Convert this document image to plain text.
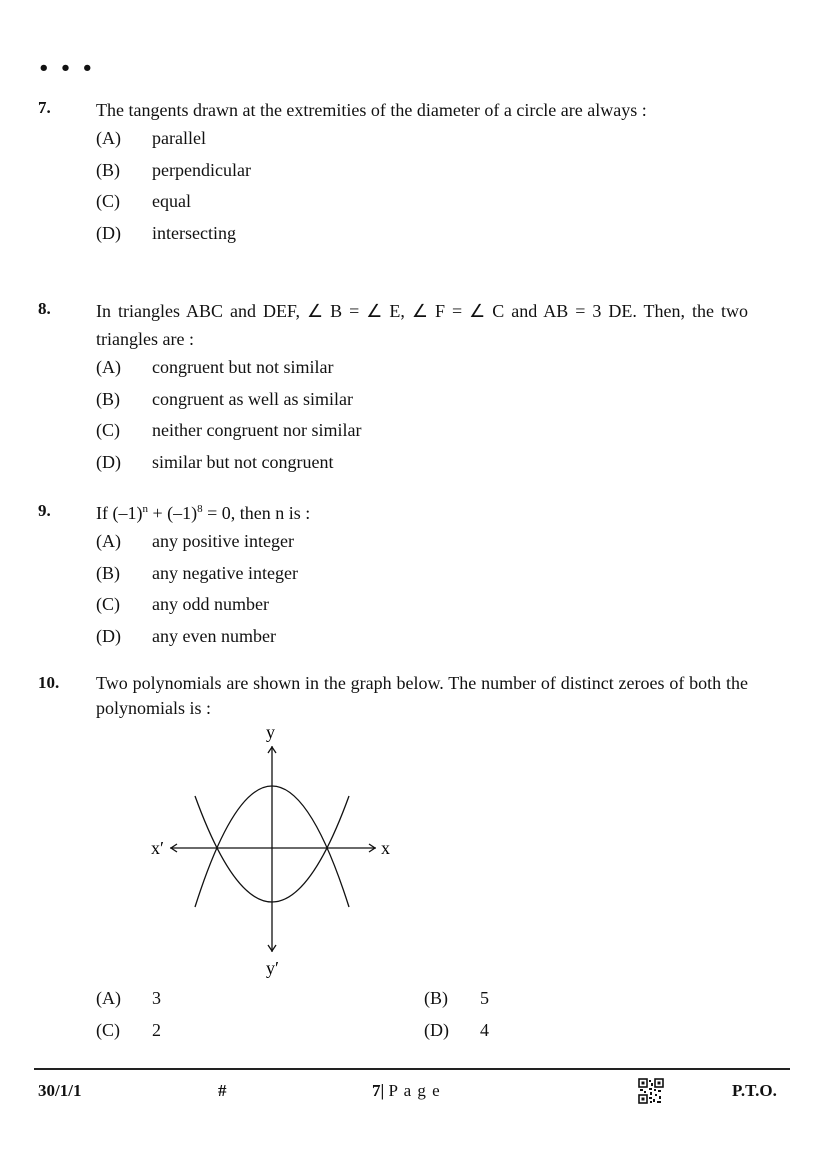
• • •
7.	The tangents drawn at the extremities of the diameter of a circle are always :
(A) parallel
(B) perpendicular
(C) equal
(D) intersecting
8.	In triangles ABC and DEF, ∠ B = ∠ E, ∠ F = ∠ C and AB = 3 DE. Then, the two triangles are :
(A) congruent but not similar
(B) congruent as well as similar
(C) neither congruent nor similar
(D) similar but not congruent
9.	If $(-1)^n + (-1)^8 = 0$, then n is :
(A) any positive integer
(B) any negative integer
(C) any odd number
(D) any even number
10. Two polynomials are shown in the graph below. The number of distinct zeroes of both the polynomials is :
y
y′
x
x′
(A) 3	(B) 5
(C) 2	(D) 4
30/1/1	#	7| P a g e	P.T.O.
